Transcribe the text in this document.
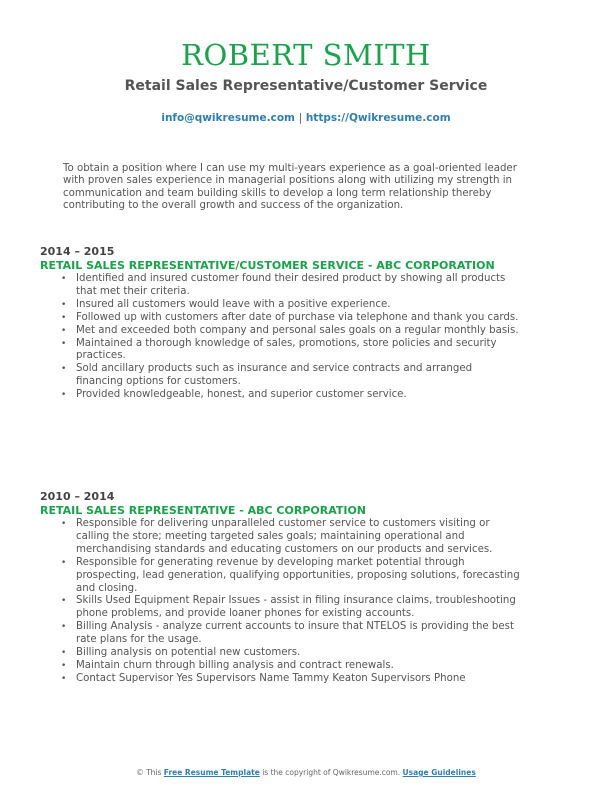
ROBERT SMITH
Retail Sales Representative/Customer Service
info@qwikresume.com | https://Qwikresume.com
To obtain a position where I can use my multi-years experience as a goal-oriented leader with proven sales experience in managerial positions along with utilizing my strength in communication and team building skills to develop a long term relationship thereby contributing to the overall growth and success of the organization.
2014 – 2015
RETAIL SALES REPRESENTATIVE/CUSTOMER SERVICE - ABC CORPORATION
• Identified and insured customer found their desired product by showing all products that met their criteria.
• Insured all customers would leave with a positive experience.
• Followed up with customers after date of purchase via telephone and thank you cards.
• Met and exceeded both company and personal sales goals on a regular monthly basis.
• Maintained a thorough knowledge of sales, promotions, store policies and security practices.
• Sold ancillary products such as insurance and service contracts and arranged financing options for customers.
• Provided knowledgeable, honest, and superior customer service.
2010 – 2014
RETAIL SALES REPRESENTATIVE - ABC CORPORATION
• Responsible for delivering unparalleled customer service to customers visiting or calling the store; meeting targeted sales goals; maintaining operational and merchandising standards and educating customers on our products and services.
• Responsible for generating revenue by developing market potential through prospecting, lead generation, qualifying opportunities, proposing solutions, forecasting and closing.
• Skills Used Equipment Repair Issues - assist in filing insurance claims, troubleshooting phone problems, and provide loaner phones for existing accounts.
• Billing Analysis - analyze current accounts to insure that NTELOS is providing the best rate plans for the usage.
• Billing analysis on potential new customers.
• Maintain churn through billing analysis and contract renewals.
• Contact Supervisor Yes Supervisors Name Tammy Keaton Supervisors Phone
© This Free Resume Template is the copyright of Qwikresume.com. Usage Guidelines
